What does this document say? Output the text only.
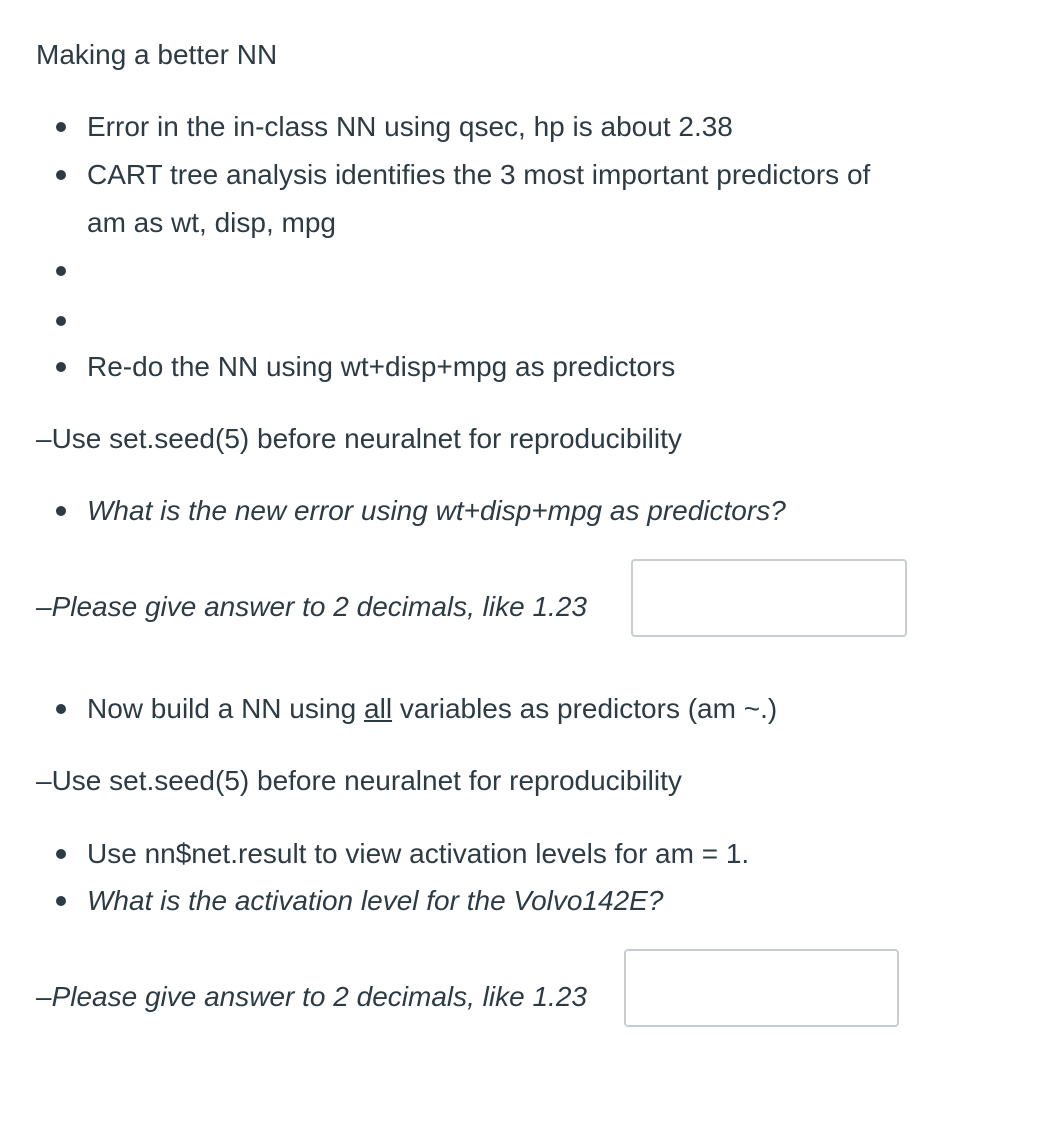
Making a better NN
Error in the in-class NN using qsec, hp is about 2.38
CART tree analysis identifies the 3 most important predictors of
am as wt, disp, mpg
Re-do the NN using wt+disp+mpg as predictors
–Use set.seed(5) before neuralnet for reproducibility
What is the new error using wt+disp+mpg as predictors?
–Please give answer to 2 decimals, like 1.23
Now build a NN using all variables as predictors (am ~.)
–Use set.seed(5) before neuralnet for reproducibility
Use nn$net.result to view activation levels for am = 1.
What is the activation level for the Volvo142E?
–Please give answer to 2 decimals, like 1.23
